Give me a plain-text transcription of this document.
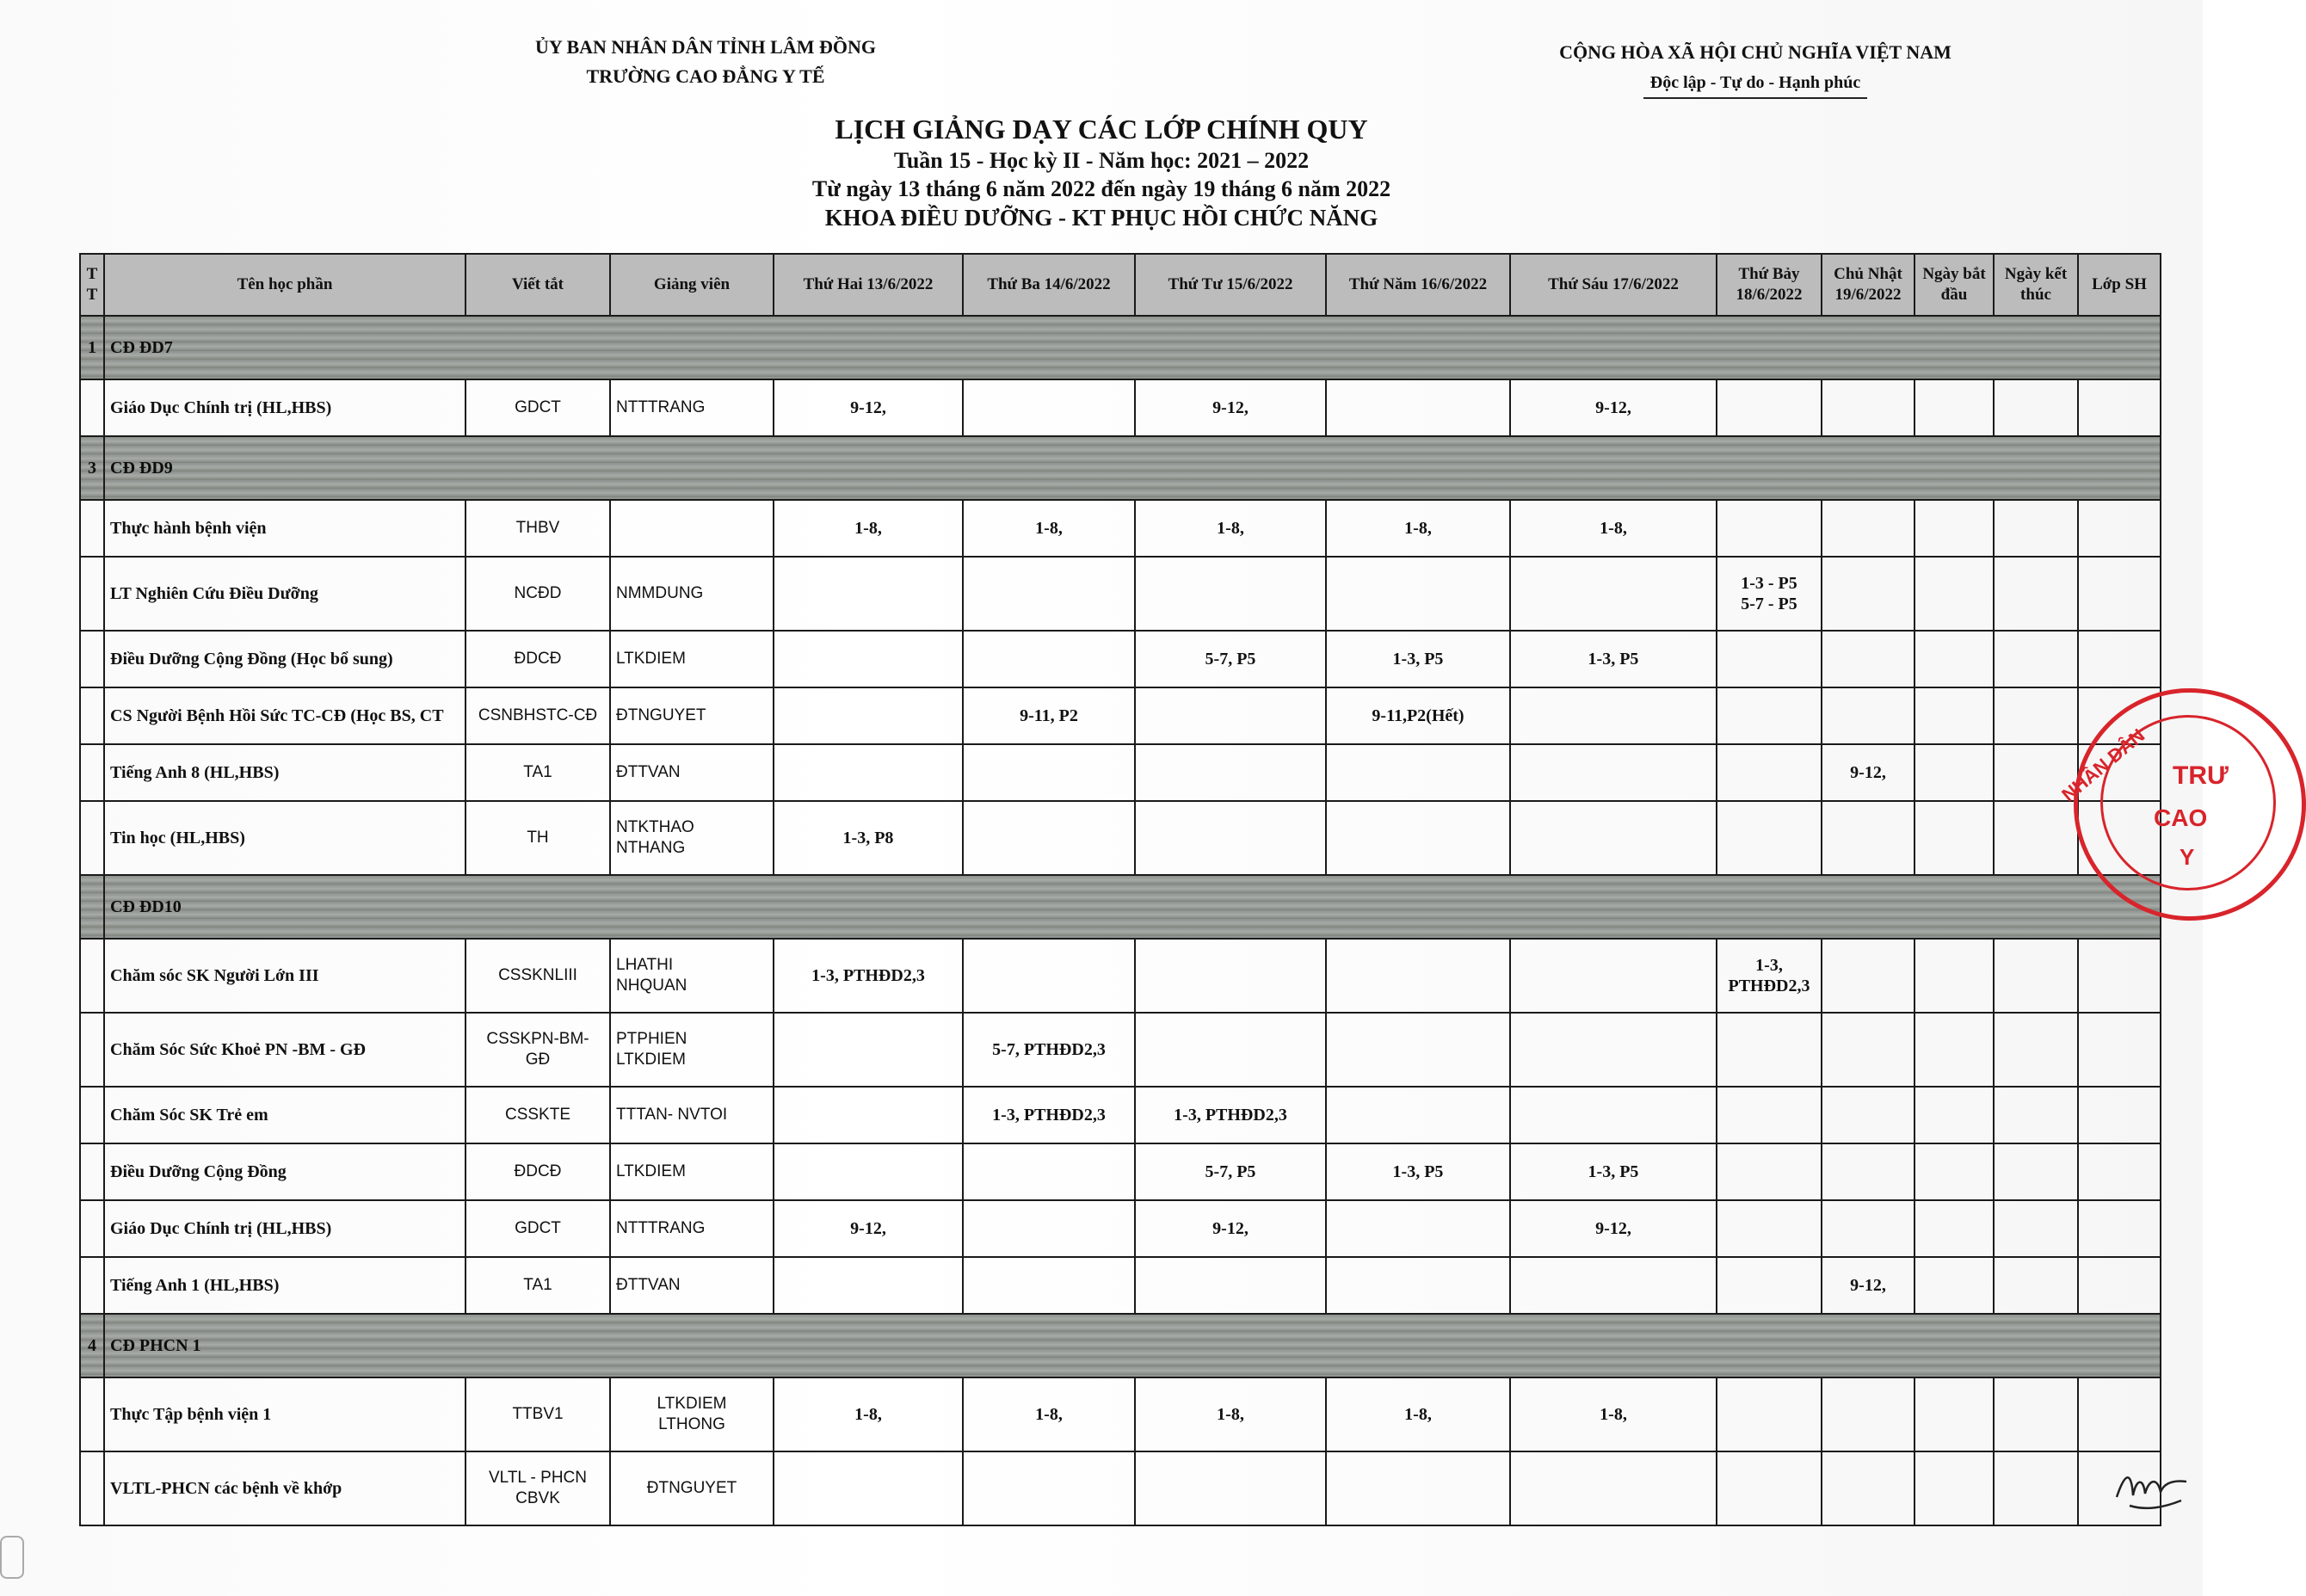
ỦY BAN NHÂN DÂN TỈNH LÂM ĐỒNG
TRƯỜNG CAO ĐẲNG Y TẾ
CỘNG HÒA XÃ HỘI CHỦ NGHĨA VIỆT NAM
Độc lập - Tự do - Hạnh phúc
LỊCH GIẢNG DẠY CÁC LỚP CHÍNH QUY
Tuần 15 - Học kỳ II - Năm học: 2021 – 2022
Từ ngày 13 tháng 6 năm 2022 đến ngày 19 tháng 6 năm 2022
KHOA ĐIỀU DƯỠNG - KT PHỤC HỒI CHỨC NĂNG
T T	Tên học phần	Viết tắt	Giảng viên	Thứ Hai 13/6/2022	Thứ Ba 14/6/2022	Thứ Tư 15/6/2022	Thứ Năm 16/6/2022	Thứ Sáu 17/6/2022	Thứ Bảy 18/6/2022	Chủ Nhật 19/6/2022	Ngày bắt đầu	Ngày kết thúc	Lớp SH
1	CĐ ĐD7												
	Giáo Dục Chính trị (HL,HBS)	GDCT	NTTTRANG	9-12,		9-12,		9-12,					
3	CĐ ĐD9												
	Thực hành bệnh viện	THBV		1-8,	1-8,	1-8,	1-8,	1-8,					
	LT Nghiên Cứu Điều Dưỡng	NCĐD	NMMDUNG						1-3 - P5
5-7 - P5				
	Điều Dưỡng Cộng Đồng (Học bổ sung)	ĐDCĐ	LTKDIEM			5-7, P5	1-3, P5	1-3, P5					
	CS Người Bệnh Hồi Sức TC-CĐ (Học BS, CT	CSNBHSTC-CĐ	ĐTNGUYET		9-11, P2		9-11,P2(Hết)						
	Tiếng Anh 8 (HL,HBS)	TA1	ĐTTVAN							9-12,			
	Tin học (HL,HBS)	TH	NTKTHAO
NTHANG	1-3, P8									
	CĐ ĐD10												
	Chăm sóc SK Người Lớn III	CSSKNLIII	LHATHI
NHQUAN	1-3, PTHĐD2,3					1-3,
PTHĐD2,3				
	Chăm Sóc Sức Khoẻ PN -BM - GĐ	CSSKPN-BM-
GĐ	PTPHIEN
LTKDIEM		5-7, PTHĐD2,3								
	Chăm Sóc SK Trẻ em	CSSKTE	TTTAN- NVTOI		1-3, PTHĐD2,3	1-3, PTHĐD2,3							
	Điều Dưỡng Cộng Đồng	ĐDCĐ	LTKDIEM			5-7, P5	1-3, P5	1-3, P5					
	Giáo Dục Chính trị (HL,HBS)	GDCT	NTTTRANG	9-12,		9-12,		9-12,					
	Tiếng Anh 1 (HL,HBS)	TA1	ĐTTVAN							9-12,			
4	CĐ PHCN 1												
	Thực Tập bệnh viện 1	TTBV1	LTKDIEM
LTHONG	1-8,	1-8,	1-8,	1-8,	1-8,					
	VLTL-PHCN các bệnh về khớp	VLTL - PHCN
CBVK	ĐTNGUYET										
NHÂN DÂN TRƯ
CAO
Y
